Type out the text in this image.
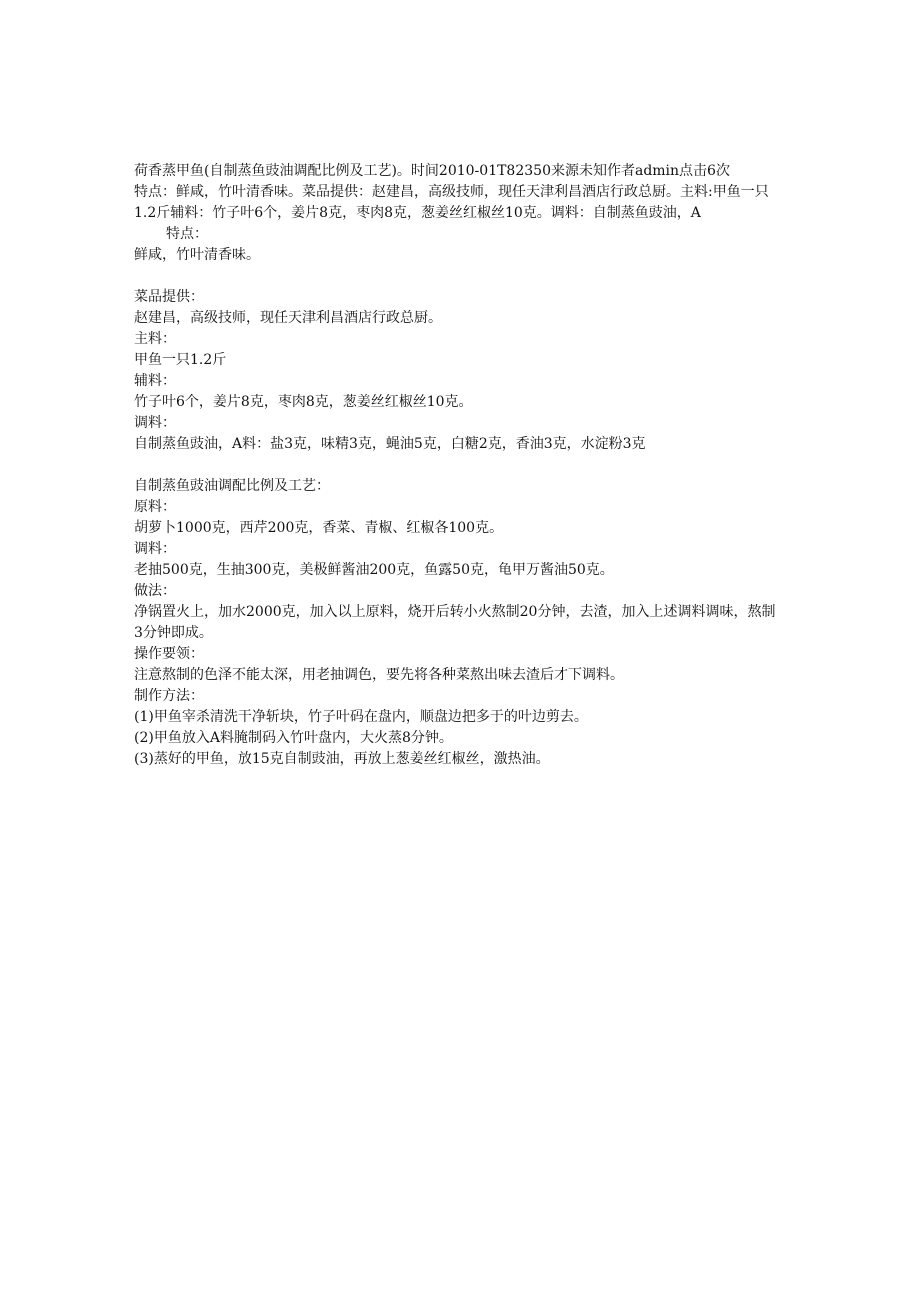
荷香蒸甲鱼(自制蒸鱼豉油调配比例及工艺)。时间2010-01T82350来源未知作者admin点击6次

特点：鲜咸，竹叶清香味。菜品提供：赵建昌，高级技师，现任天津利昌酒店行政总厨。主料:甲鱼一只1.2斤辅料：竹子叶6个，姜片8克，枣肉8克，葱姜丝红椒丝10克。调料：自制蒸鱼豉油，A

特点：

鲜咸，竹叶清香味。

菜品提供：

赵建昌，高级技师，现任天津利昌酒店行政总厨。

主料：

甲鱼一只1.2斤

辅料：

竹子叶6个，姜片8克，枣肉8克，葱姜丝红椒丝10克。

调料：

自制蒸鱼豉油，A料：盐3克，味精3克，蝇油5克，白糖2克，香油3克，水淀粉3克

自制蒸鱼豉油调配比例及工艺：

原料：

胡萝卜1000克，西芹200克，香菜、青椒、红椒各100克。

调料：

老抽500克，生抽300克，美极鲜酱油200克，鱼露50克，龟甲万酱油50克。

做法：

净锅置火上，加水2000克，加入以上原料，烧开后转小火熬制20分钟，去渣，加入上述调料调味，熬制3分钟即成。

操作要领：

注意熬制的色泽不能太深，用老抽调色，要先将各种菜熬出味去渣后才下调料。

制作方法：

(1)甲鱼宰杀清洗干净斩块，竹子叶码在盘内，顺盘边把多于的叶边剪去。

(2)甲鱼放入A料腌制码入竹叶盘内，大火蒸8分钟。

(3)蒸好的甲鱼，放15克自制豉油，再放上葱姜丝红椒丝，激热油。
